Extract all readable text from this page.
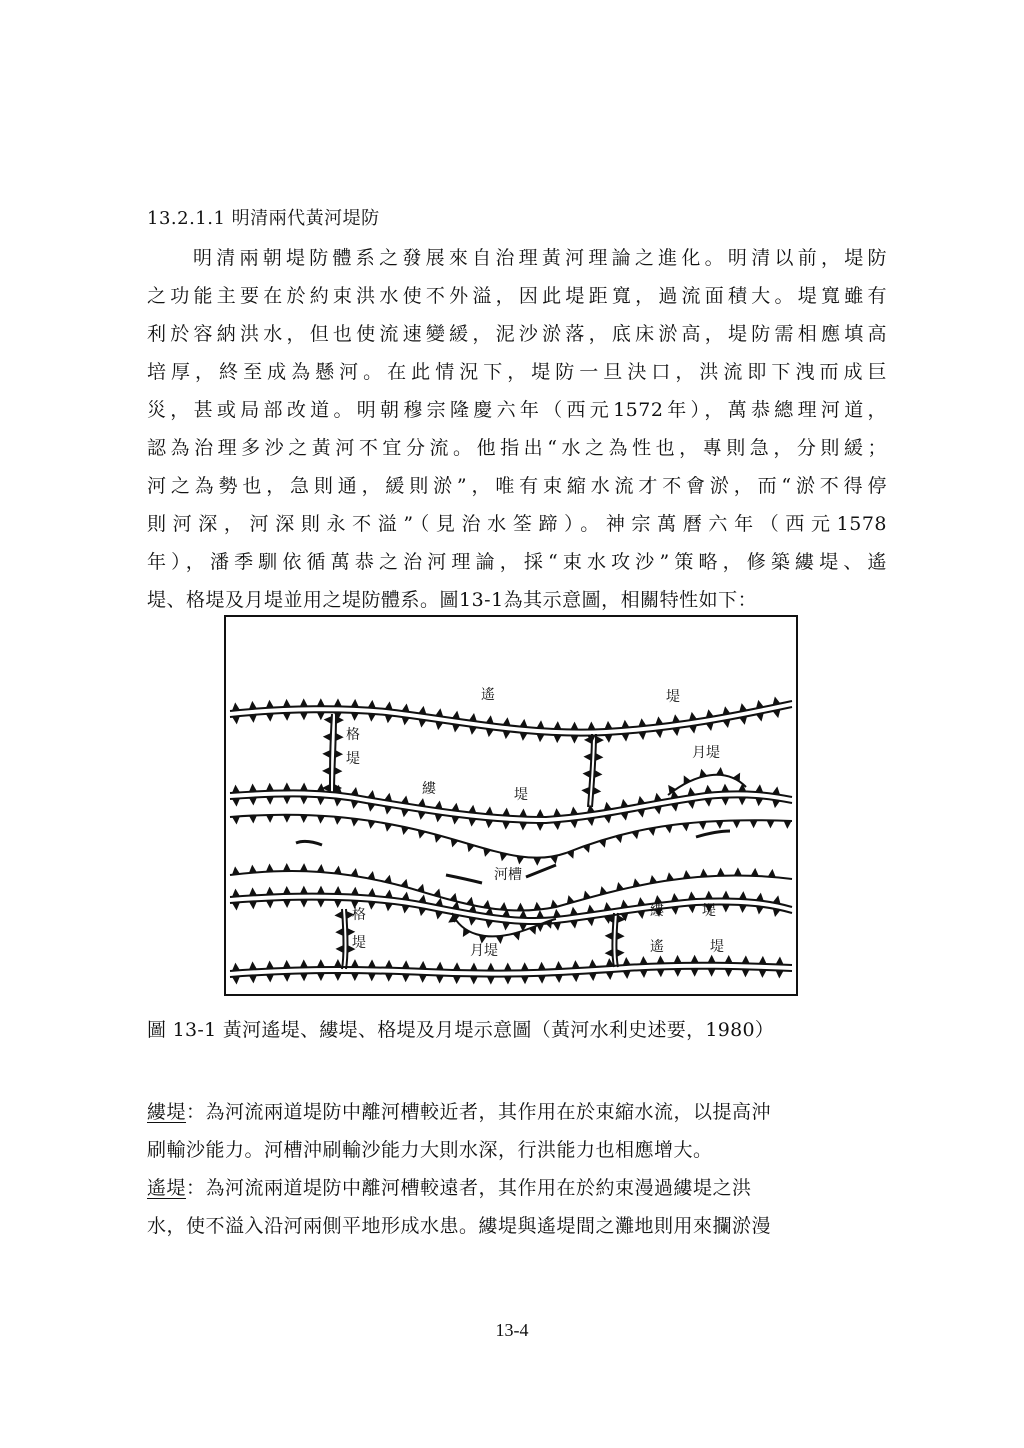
13.2.1.1 明清兩代黃河堤防
明清兩朝堤防體系之發展來自治理黃河理論之進化。明清以前，堤防
之功能主要在於約束洪水使不外溢，因此堤距寬，過流面積大。堤寬雖有
利於容納洪水，但也使流速變緩，泥沙淤落，底床淤高，堤防需相應填高
培厚，終至成為懸河。在此情況下，堤防一旦決口，洪流即下洩而成巨
災，甚或局部改道。明朝穆宗隆慶六年（西元1572年），萬恭總理河道，
認為治理多沙之黃河不宜分流。他指出“水之為性也，專則急，分則緩；
河之為勢也，急則通，緩則淤”，唯有束縮水流才不會淤，而“淤不得停
則河深，河深則永不溢”（見治水筌蹄）。神宗萬曆六年（西元1578
年），潘季馴依循萬恭之治河理論，採“束水攻沙”策略，修築縷堤、遙
堤、格堤及月堤並用之堤防體系。圖13-1為其示意圖，相關特性如下：
遙	堤
格
堤	月堤
縷	堤
河槽
格
堤	月堤
縷	堤
遙	堤
圖 13-1 黃河遙堤、縷堤、格堤及月堤示意圖（黃河水利史述要，1980）
縷堤：為河流兩道堤防中離河槽較近者，其作用在於束縮水流，以提高沖
刷輸沙能力。河槽沖刷輸沙能力大則水深，行洪能力也相應增大。
遙堤：為河流兩道堤防中離河槽較遠者，其作用在於約束漫過縷堤之洪
水，使不溢入沿河兩側平地形成水患。縷堤與遙堤間之灘地則用來攔淤漫
13-4
